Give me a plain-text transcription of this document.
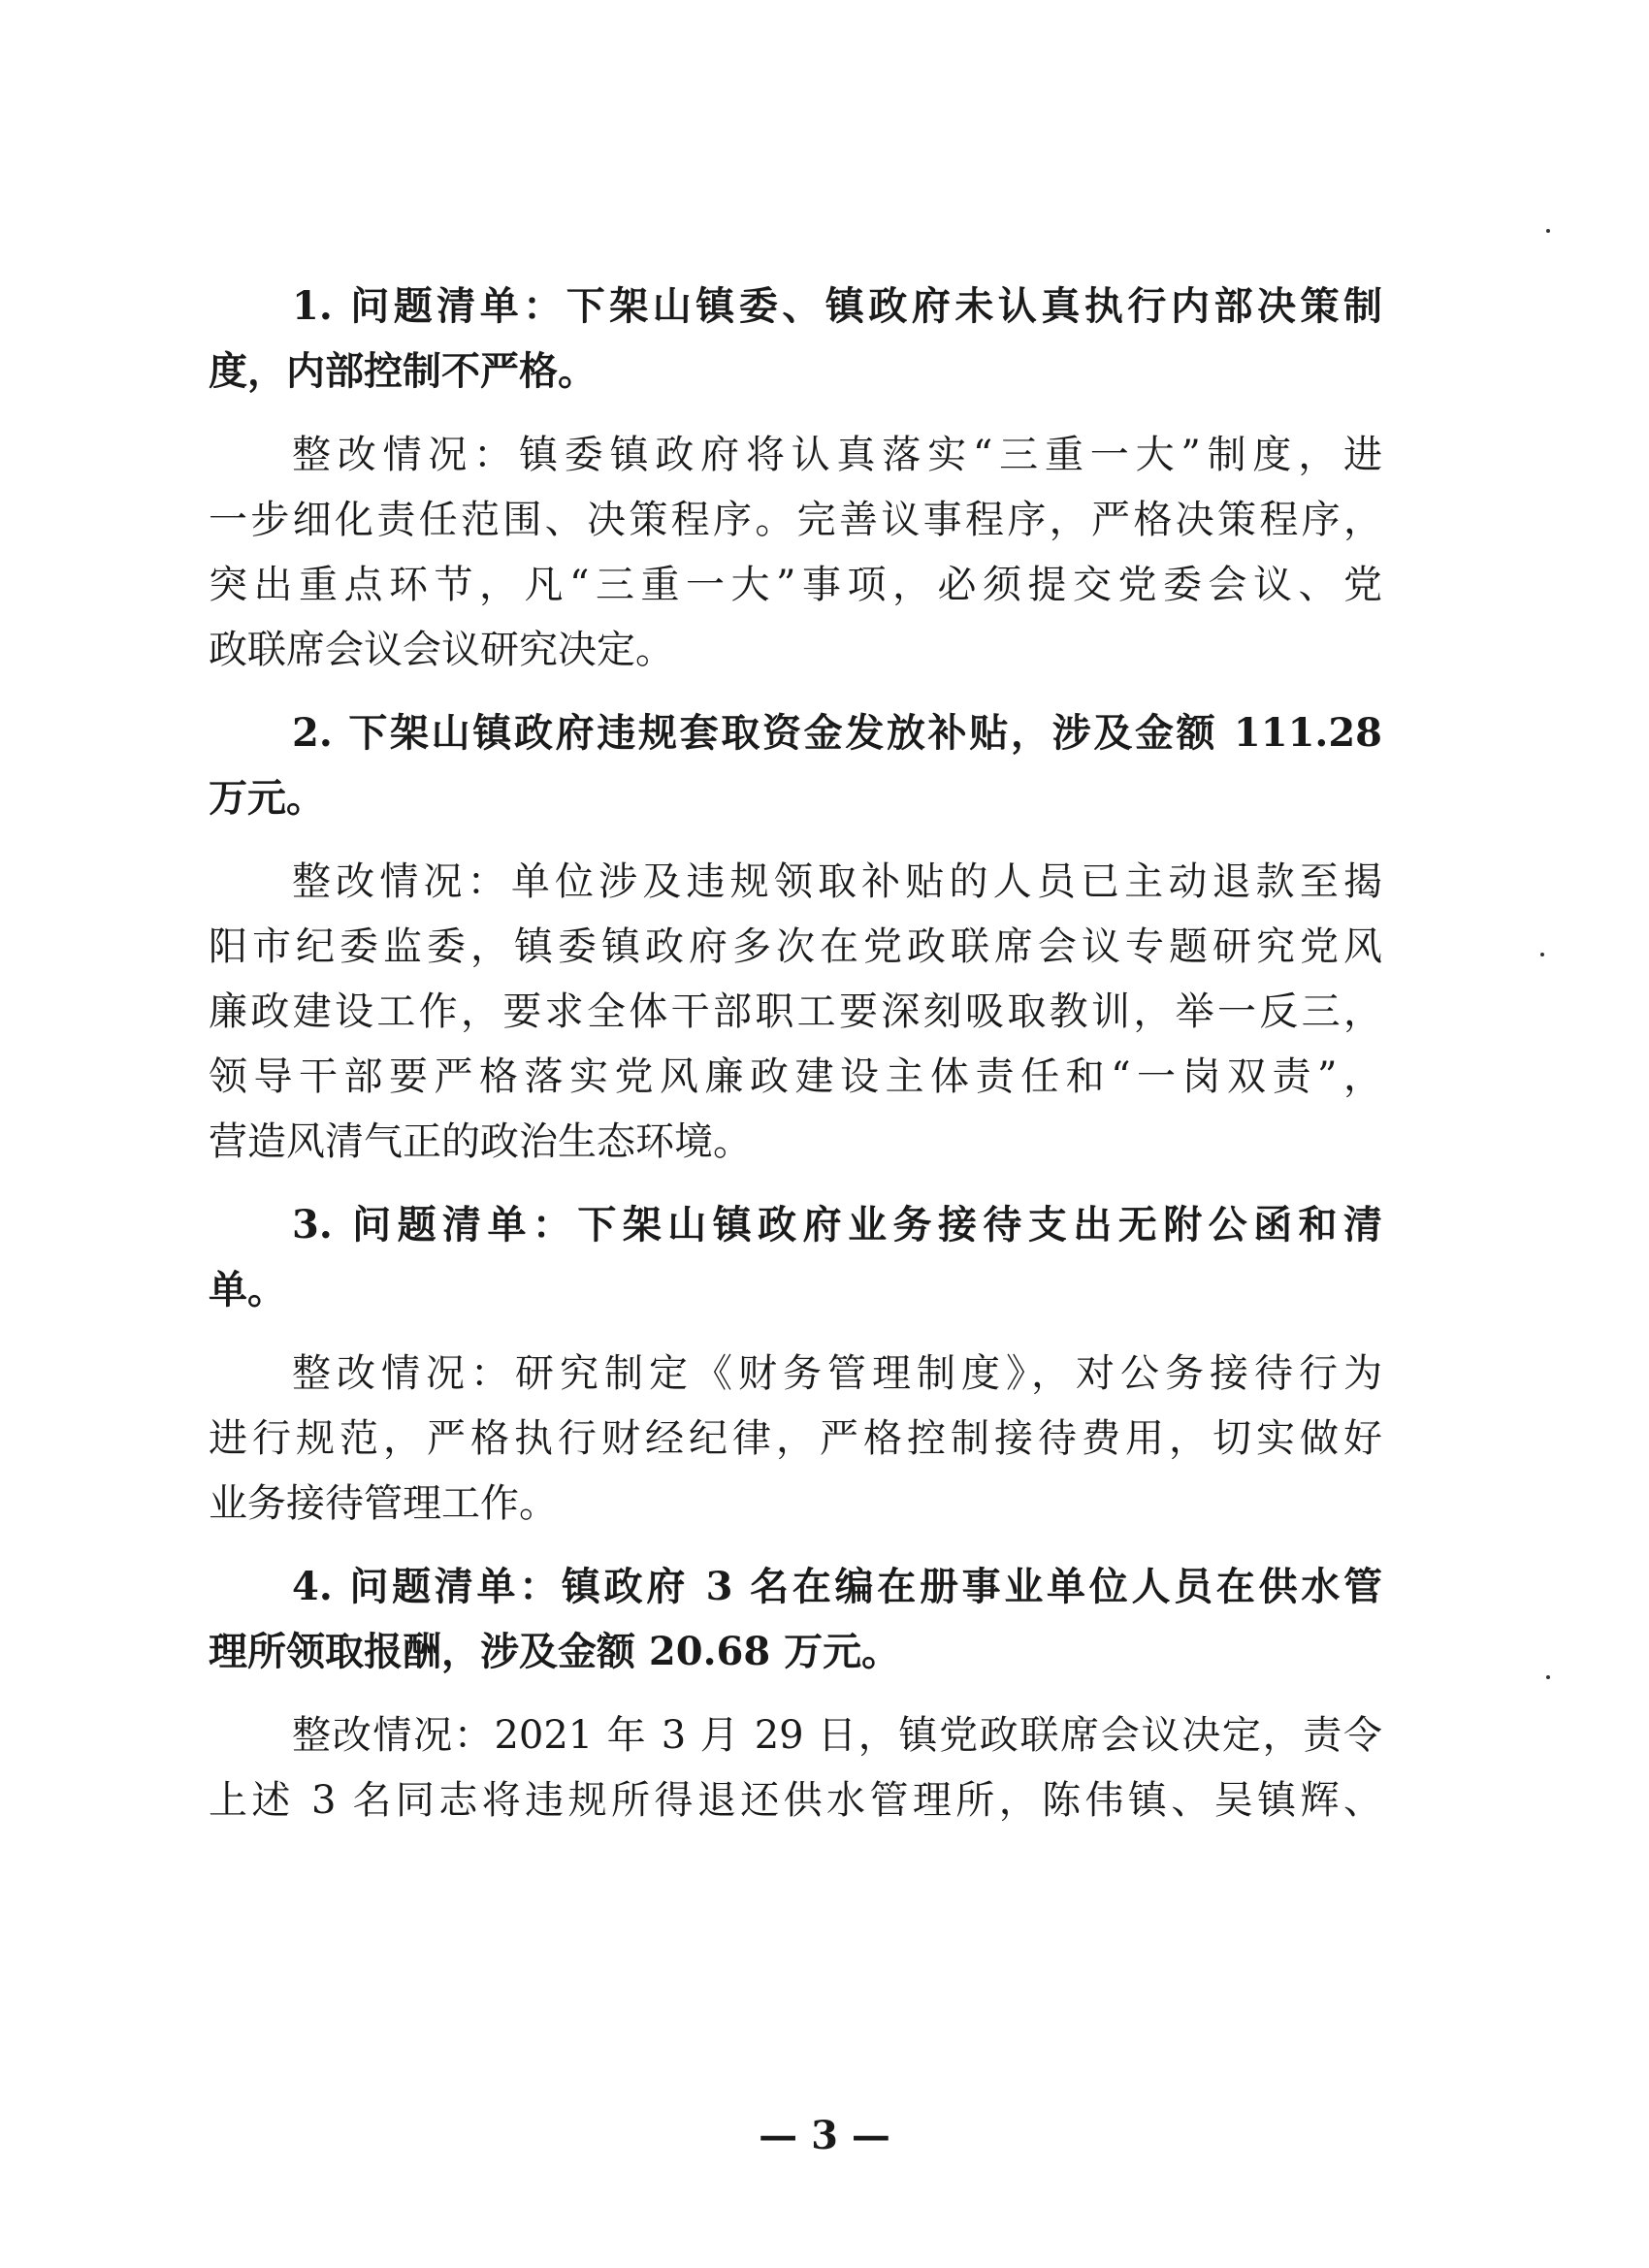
1. 问题清单：下架山镇委、镇政府未认真执行内部决策制
度，内部控制不严格。
整改情况：镇委镇政府将认真落实“三重一大”制度，进
一步细化责任范围、决策程序。完善议事程序，严格决策程序，
突出重点环节，凡“三重一大”事项，必须提交党委会议、党
政联席会议会议研究决定。
2. 下架山镇政府违规套取资金发放补贴，涉及金额 111.28
万元。
整改情况：单位涉及违规领取补贴的人员已主动退款至揭
阳市纪委监委，镇委镇政府多次在党政联席会议专题研究党风
廉政建设工作，要求全体干部职工要深刻吸取教训，举一反三，
领导干部要严格落实党风廉政建设主体责任和“一岗双责”，
营造风清气正的政治生态环境。
3. 问题清单：下架山镇政府业务接待支出无附公函和清
单。
整改情况：研究制定《财务管理制度》，对公务接待行为
进行规范，严格执行财经纪律，严格控制接待费用，切实做好
业务接待管理工作。
4. 问题清单：镇政府 3 名在编在册事业单位人员在供水管
理所领取报酬，涉及金额 20.68 万元。
整改情况：2021 年 3 月 29 日，镇党政联席会议决定，责令
上述 3 名同志将违规所得退还供水管理所，陈伟镇、吴镇辉、
— 3 —
